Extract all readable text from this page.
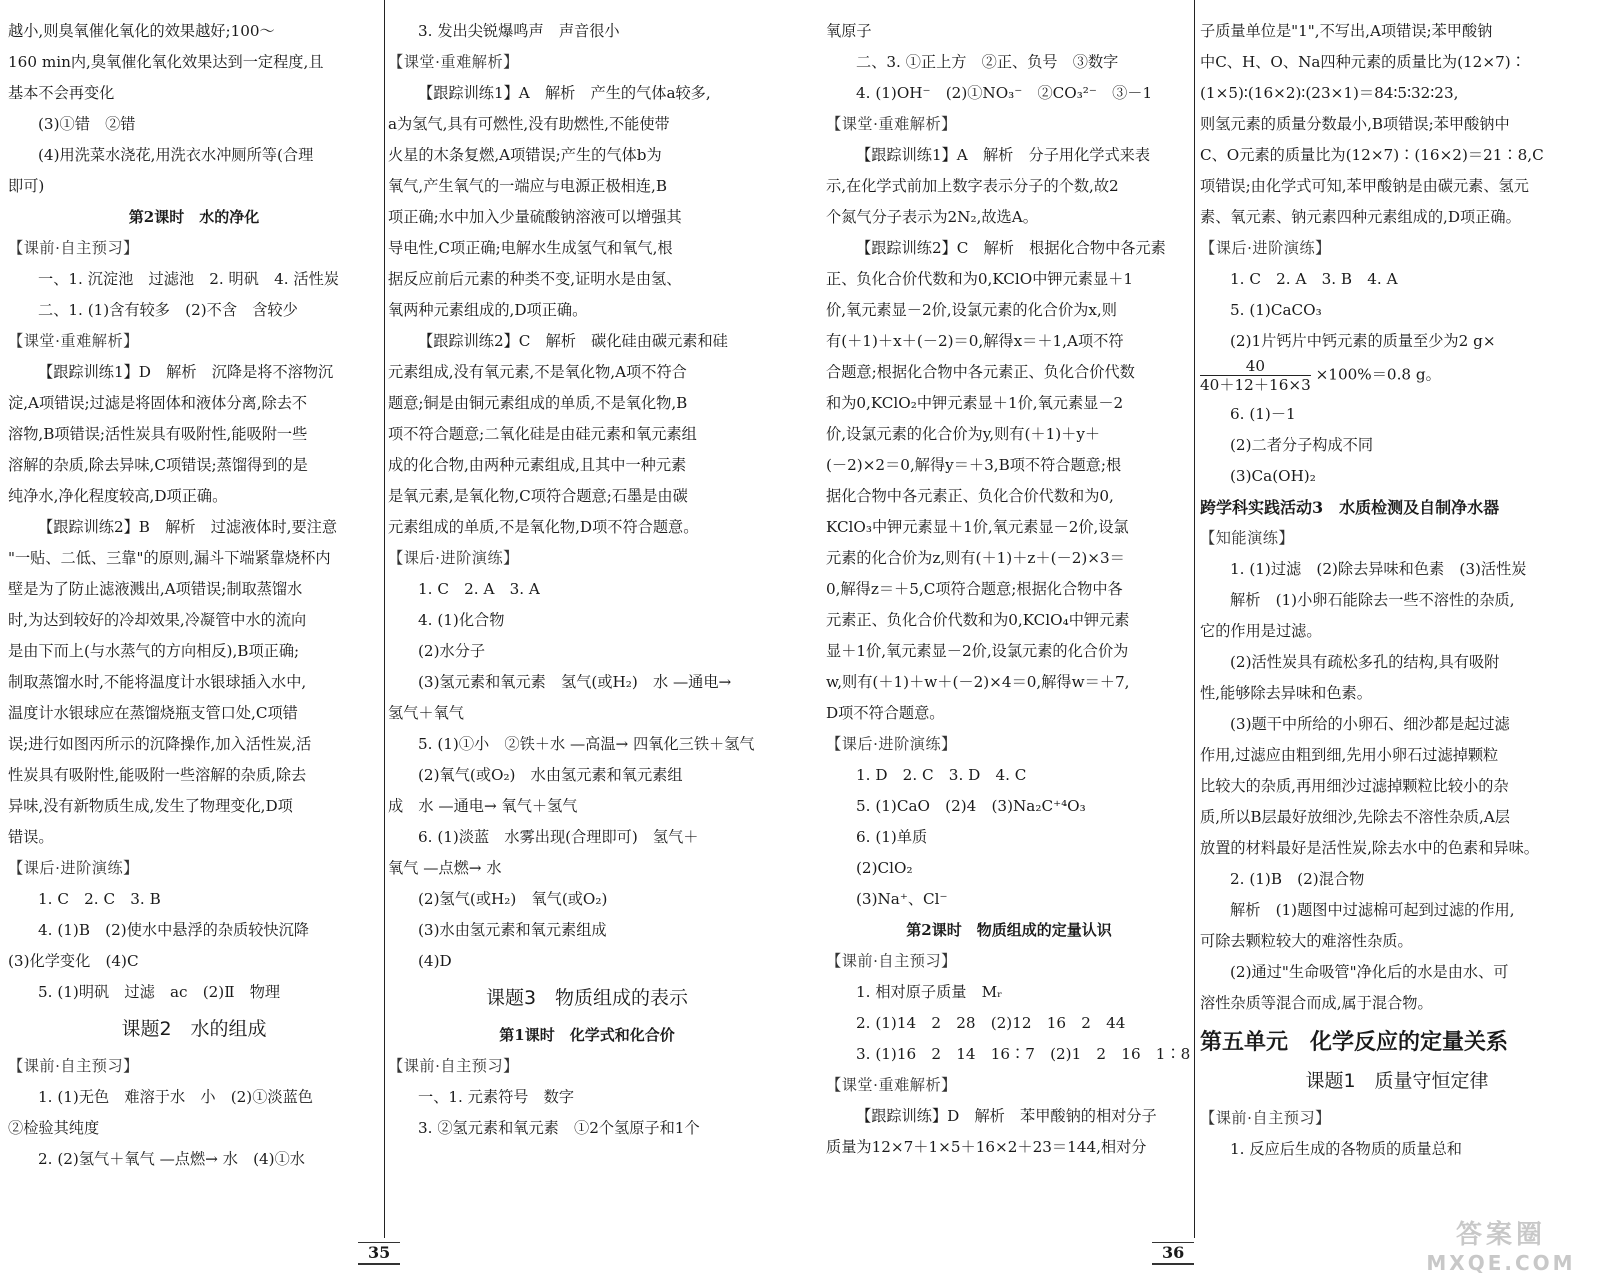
越小,则臭氧催化氧化的效果越好;100～

160 min内,臭氧催化氧化效果达到一定程度,且

基本不会再变化

(3)①错　②错

(4)用洗菜水浇花,用洗衣水冲厕所等(合理

即可)

第2课时　水的净化

【课前·自主预习】

一、1. 沉淀池　过滤池　2. 明矾　4. 活性炭

二、1. (1)含有较多　(2)不含　含较少

【课堂·重难解析】

【跟踪训练1】D　解析　沉降是将不溶物沉

淀,A项错误;过滤是将固体和液体分离,除去不

溶物,B项错误;活性炭具有吸附性,能吸附一些

溶解的杂质,除去异味,C项错误;蒸馏得到的是

纯净水,净化程度较高,D项正确。

【跟踪训练2】B　解析　过滤液体时,要注意

"一贴、二低、三靠"的原则,漏斗下端紧靠烧杯内

壁是为了防止滤液溅出,A项错误;制取蒸馏水

时,为达到较好的冷却效果,冷凝管中水的流向

是由下而上(与水蒸气的方向相反),B项正确;

制取蒸馏水时,不能将温度计水银球插入水中,

温度计水银球应在蒸馏烧瓶支管口处,C项错

误;进行如图丙所示的沉降操作,加入活性炭,活

性炭具有吸附性,能吸附一些溶解的杂质,除去

异味,没有新物质生成,发生了物理变化,D项

错误。

【课后·进阶演练】

1. C　2. C　3. B

4. (1)B　(2)使水中悬浮的杂质较快沉降

(3)化学变化　(4)C

5. (1)明矾　过滤　ac　(2)Ⅱ　物理

课题2　水的组成

【课前·自主预习】

1. (1)无色　难溶于水　小　(2)①淡蓝色

②检验其纯度

2. (2)氢气＋氧气 —点燃→ 水　(4)①水

3. 发出尖锐爆鸣声　声音很小

【课堂·重难解析】

【跟踪训练1】A　解析　产生的气体a较多,

a为氢气,具有可燃性,没有助燃性,不能使带

火星的木条复燃,A项错误;产生的气体b为

氧气,产生氧气的一端应与电源正极相连,B

项正确;水中加入少量硫酸钠溶液可以增强其

导电性,C项正确;电解水生成氢气和氧气,根

据反应前后元素的种类不变,证明水是由氢、

氧两种元素组成的,D项正确。

【跟踪训练2】C　解析　碳化硅由碳元素和硅

元素组成,没有氧元素,不是氧化物,A项不符合

题意;铜是由铜元素组成的单质,不是氧化物,B

项不符合题意;二氧化硅是由硅元素和氧元素组

成的化合物,由两种元素组成,且其中一种元素

是氧元素,是氧化物,C项符合题意;石墨是由碳

元素组成的单质,不是氧化物,D项不符合题意。

【课后·进阶演练】

1. C　2. A　3. A

4. (1)化合物

(2)水分子

(3)氢元素和氧元素　氢气(或H₂)　水 —通电→

氢气＋氧气

5. (1)①小　②铁＋水 —高温→ 四氧化三铁＋氢气

(2)氧气(或O₂)　水由氢元素和氧元素组

成　水 —通电→ 氧气＋氢气

6. (1)淡蓝　水雾出现(合理即可)　氢气＋

氧气 —点燃→ 水

(2)氢气(或H₂)　氧气(或O₂)

(3)水由氢元素和氧元素组成

(4)D

课题3　物质组成的表示

第1课时　化学式和化合价

【课前·自主预习】

一、1. 元素符号　数字

3. ②氢元素和氧元素　①2个氢原子和1个

氧原子

二、3. ①正上方　②正、负号　③数字

4. (1)OH⁻　(2)①NO₃⁻　②CO₃²⁻　③－1

【课堂·重难解析】

【跟踪训练1】A　解析　分子用化学式来表

示,在化学式前加上数字表示分子的个数,故2

个氮气分子表示为2N₂,故选A。

【跟踪训练2】C　解析　根据化合物中各元素

正、负化合价代数和为0,KClO中钾元素显＋1

价,氧元素显－2价,设氯元素的化合价为x,则

有(＋1)＋x＋(－2)＝0,解得x＝＋1,A项不符

合题意;根据化合物中各元素正、负化合价代数

和为0,KClO₂中钾元素显＋1价,氧元素显－2

价,设氯元素的化合价为y,则有(＋1)＋y＋

(－2)×2＝0,解得y＝＋3,B项不符合题意;根

据化合物中各元素正、负化合价代数和为0,

KClO₃中钾元素显＋1价,氧元素显－2价,设氯

元素的化合价为z,则有(＋1)＋z＋(－2)×3＝

0,解得z＝＋5,C项符合题意;根据化合物中各

元素正、负化合价代数和为0,KClO₄中钾元素

显＋1价,氧元素显－2价,设氯元素的化合价为

w,则有(＋1)＋w＋(－2)×4＝0,解得w＝＋7,

D项不符合题意。

【课后·进阶演练】

1. D　2. C　3. D　4. C

5. (1)CaO　(2)4　(3)Na₂C⁺⁴O₃

6. (1)单质

(2)ClO₂

(3)Na⁺、Cl⁻

第2课时　物质组成的定量认识

【课前·自主预习】

1. 相对原子质量　Mᵣ

2. (1)14　2　28　(2)12　16　2　44

3. (1)16　2　14　16∶7　(2)1　2　16　1∶8

【课堂·重难解析】

【跟踪训练】D　解析　苯甲酸钠的相对分子

质量为12×7＋1×5＋16×2＋23＝144,相对分

子质量单位是"1",不写出,A项错误;苯甲酸钠

中C、H、O、Na四种元素的质量比为(12×7)∶

(1×5)∶(16×2)∶(23×1)＝84∶5∶32∶23,

则氢元素的质量分数最小,B项错误;苯甲酸钠中

C、O元素的质量比为(12×7)∶(16×2)＝21∶8,C

项错误;由化学式可知,苯甲酸钠是由碳元素、氢元

素、氧元素、钠元素四种元素组成的,D项正确。

【课后·进阶演练】

1. C　2. A　3. B　4. A

5. (1)CaCO₃

(2)1片钙片中钙元素的质量至少为2 g×

$\frac{40}{40+12+16\times 3} \times 100\%=0.8$ g。

6. (1)－1

(2)二者分子构成不同

(3)Ca(OH)₂

跨学科实践活动3　水质检测及自制净水器

【知能演练】

1. (1)过滤　(2)除去异味和色素　(3)活性炭

解析　(1)小卵石能除去一些不溶性的杂质,

它的作用是过滤。

(2)活性炭具有疏松多孔的结构,具有吸附

性,能够除去异味和色素。

(3)题干中所给的小卵石、细沙都是起过滤

作用,过滤应由粗到细,先用小卵石过滤掉颗粒

比较大的杂质,再用细沙过滤掉颗粒比较小的杂

质,所以B层最好放细沙,先除去不溶性杂质,A层

放置的材料最好是活性炭,除去水中的色素和异味。

2. (1)B　(2)混合物

解析　(1)题图中过滤棉可起到过滤的作用,

可除去颗粒较大的难溶性杂质。

(2)通过"生命吸管"净化后的水是由水、可

溶性杂质等混合而成,属于混合物。

第五单元　化学反应的定量关系

课题1　质量守恒定律

【课前·自主预习】

1. 反应后生成的各物质的质量总和

35	36
答案圈
MXQE.COM
